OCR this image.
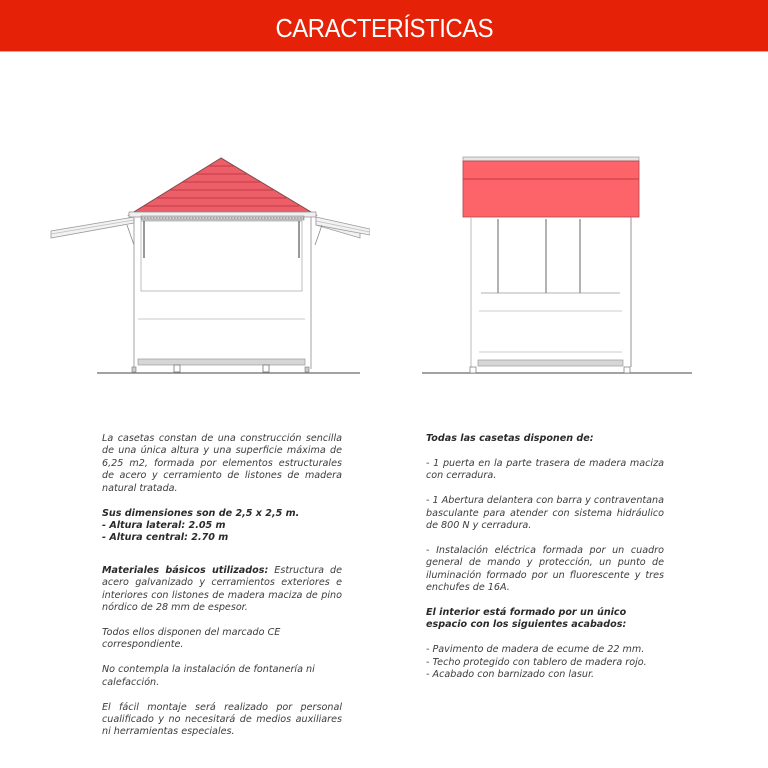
CARACTERÍSTICAS

La casetas constan de una construcción sencilla de una única altura y una superficie máxima de 6,25 m2, formada por elementos estructurales de acero y cerramiento de listones de madera natural tratada.

Sus dimensiones son de 2,5 x 2,5 m.

- Altura lateral: 2.05 m

- Altura central: 2.70 m

Materiales básicos utilizados: Estructura de acero galvanizado y cerramientos exteriores e interiores con listones de madera maciza de pino nórdico de 28 mm de espesor.

Todos ellos disponen del marcado CE correspondiente.

No contempla la instalación de fontanería ni calefacción.

El fácil montaje será realizado por personal cualificado y no necesitará de medios auxiliares ni herramientas especiales.

Todas las casetas disponen de:

- 1 puerta en la parte trasera de madera maciza con cerradura.

- 1 Abertura delantera con barra y contraventana basculante para atender con sistema hidráulico de 800 N y cerradura.

- Instalación eléctrica formada por un cuadro general de mando y protección, un punto de iluminación formado por un fluorescente y tres enchufes de 16A.

El interior está formado por un único espacio con los siguientes acabados:

- Pavimento de madera de ecume de 22 mm.

- Techo protegido con tablero de madera rojo.

- Acabado con barnizado con lasur.
